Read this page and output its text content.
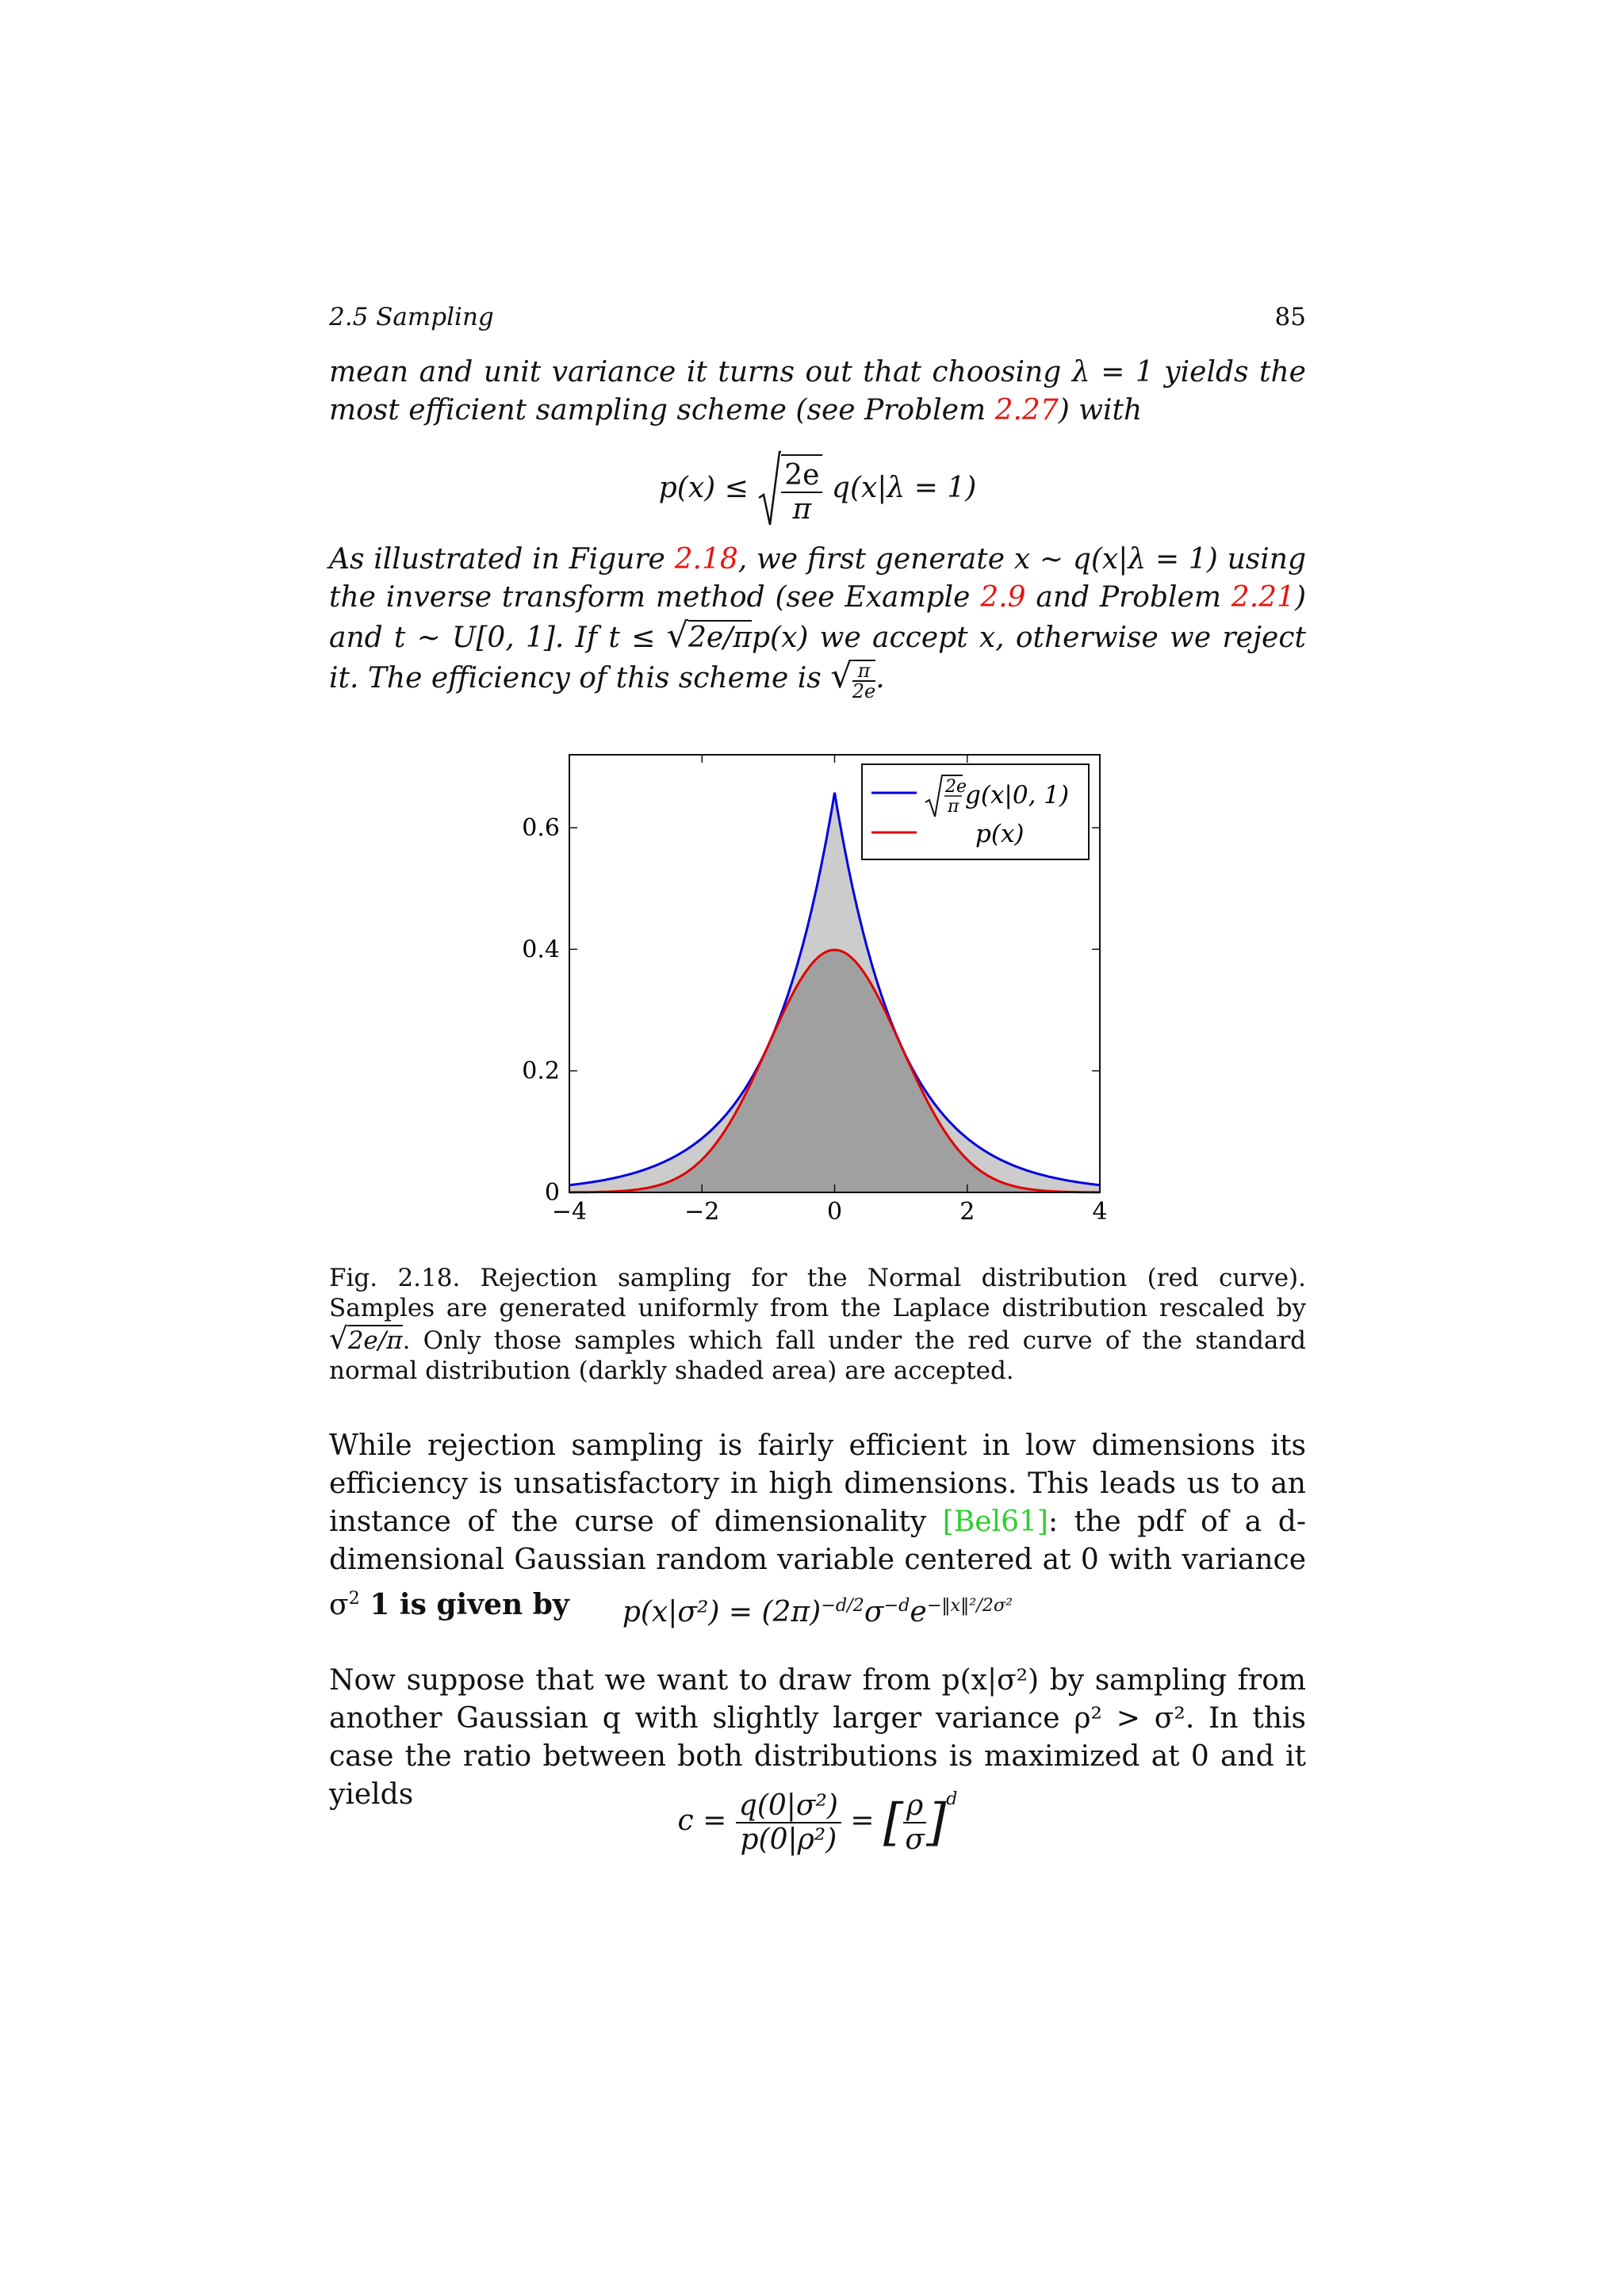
2.5 Sampling	85
mean and unit variance it turns out that choosing λ = 1 yields the most efficient sampling scheme (see Problem 2.27) with
$p(x) \le \frac{2e}{\pi} q(x|\lambda = 1)$
As illustrated in Figure 2.18, we first generate x ∼ q(x|λ = 1) using the inverse transform method (see Example 2.9 and Problem 2.21) and t ∼ U[0, 1]. If t ≤ √2e/πp(x) we accept x, otherwise we reject it. The efficiency of this scheme is √ $\frac{\pi}{2e}$ .
−4	−2	0	2	4
0
0.2
0.4
0.6
2e
π g(x|0, 1)
p(x)
Fig. 2.18. Rejection sampling for the Normal distribution (red curve). Samples are generated uniformly from the Laplace distribution rescaled by √2e/π. Only those samples which fall under the red curve of the standard normal distribution (darkly shaded area) are accepted.
While rejection sampling is fairly efficient in low dimensions its efficiency is unsatisfactory in high dimensions. This leads us to an instance of the curse of dimensionality [Bel61]: the pdf of a d-dimensional Gaussian random variable centered at 0 with variance $\sigma^2$ 1 is given by	$p(x|\sigma^2) = (2\pi)^{-d/2}\sigma^{-d}e^{-‖x‖^2/2\sigma^2}$
Now suppose that we want to draw from p(x|σ²) by sampling from another Gaussian q with slightly larger variance ρ² > σ². In this case the ratio between both distributions is maximized at 0 and it yields
$c = \frac{\text{q(0|σ²)}}{\text{p(0|ρ²)}}$ = [ $\frac{\rho}{\sigma} ]^d$
